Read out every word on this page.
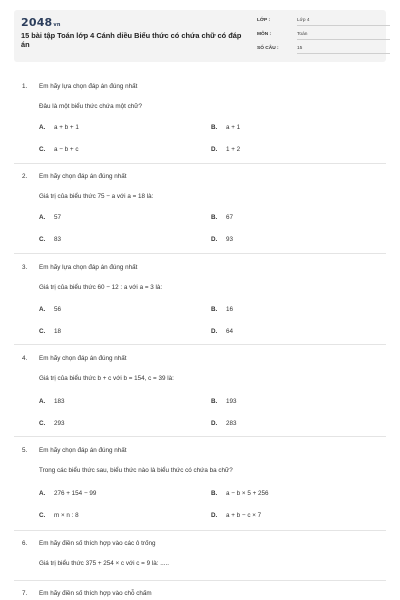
2048vn
15 bài tập Toán lớp 4 Cánh diều Biểu thức có chứa chữ có đáp án
LỚP :	Lớp 4
MÔN :	Toán
SỐ CÂU :	15
1. Em hãy lựa chọn đáp án đúng nhất
Đâu là một biểu thức chứa một chữ?
A. a + b + 1	B. a + 1
C. a − b + c	D. 1 + 2
2. Em hãy chọn đáp án đúng nhất
Giá trị của biểu thức 75 − a với a = 18 là:
A. 57	B. 67
C. 83	D. 93
3. Em hãy lựa chọn đáp án đúng nhất
Giá trị của biểu thức 60 − 12 : a với a = 3 là:
A. 56	B. 16
C. 18	D. 64
4. Em hãy chọn đáp án đúng nhất
Giá trị của biểu thức b + c với b = 154, c = 39 là:
A. 183	B. 193
C. 293	D. 283
5. Em hãy chọn đáp án đúng nhất
Trong các biểu thức sau, biểu thức nào là biểu thức có chứa ba chữ?
A. 276 + 154 − 99	B. a − b × 5 + 256
C. m × n : 8	D. a + b − c × 7
6. Em hãy điền số thích hợp vào các ô trống
Giá trị biểu thức 375 + 254 × c với c = 9 là: .....
7. Em hãy điền số thích hợp vào chỗ chấm
